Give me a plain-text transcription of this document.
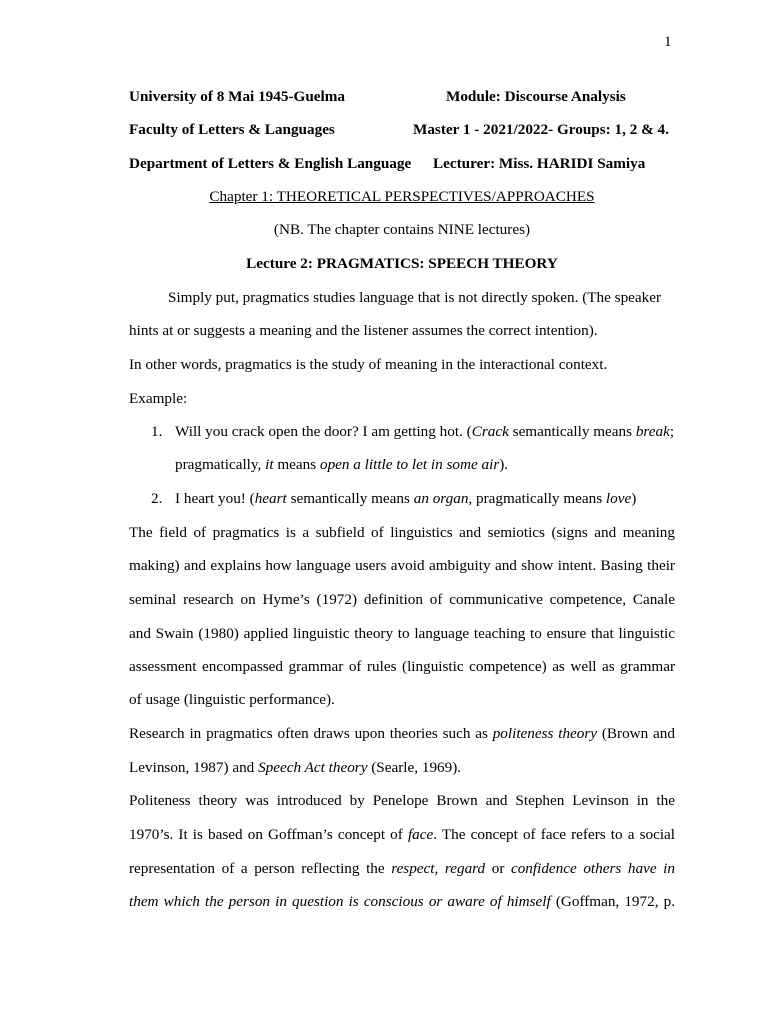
1
University of 8 Mai 1945-Guelma	Module: Discourse Analysis
Faculty of Letters & Languages	Master 1 - 2021/2022- Groups: 1, 2 & 4.
Department of Letters & English Language Lecturer: Miss. HARIDI Samiya
Chapter 1: THEORETICAL PERSPECTIVES/APPROACHES
(NB. The chapter contains NINE lectures)
Lecture 2: PRAGMATICS: SPEECH THEORY
Simply put, pragmatics studies language that is not directly spoken. (The speaker
hints at or suggests a meaning and the listener assumes the correct intention).
In other words, pragmatics is the study of meaning in the interactional context.
Example:
1. Will you crack open the door? I am getting hot. (Crack semantically means break;
pragmatically, it means open a little to let in some air).
2. I heart you! (heart semantically means an organ, pragmatically means love)
The field of pragmatics is a subfield of linguistics and semiotics (signs and meaning
making) and explains how language users avoid ambiguity and show intent. Basing their
seminal research on Hyme’s (1972) definition of communicative competence, Canale
and Swain (1980) applied linguistic theory to language teaching to ensure that linguistic
assessment encompassed grammar of rules (linguistic competence) as well as grammar
of usage (linguistic performance).
Research in pragmatics often draws upon theories such as politeness theory (Brown and
Levinson, 1987) and Speech Act theory (Searle, 1969).
Politeness theory was introduced by Penelope Brown and Stephen Levinson in the
1970’s. It is based on Goffman’s concept of face. The concept of face refers to a social
representation of a person reflecting the respect, regard or confidence others have in
them which the person in question is conscious or aware of himself (Goffman, 1972, p.
